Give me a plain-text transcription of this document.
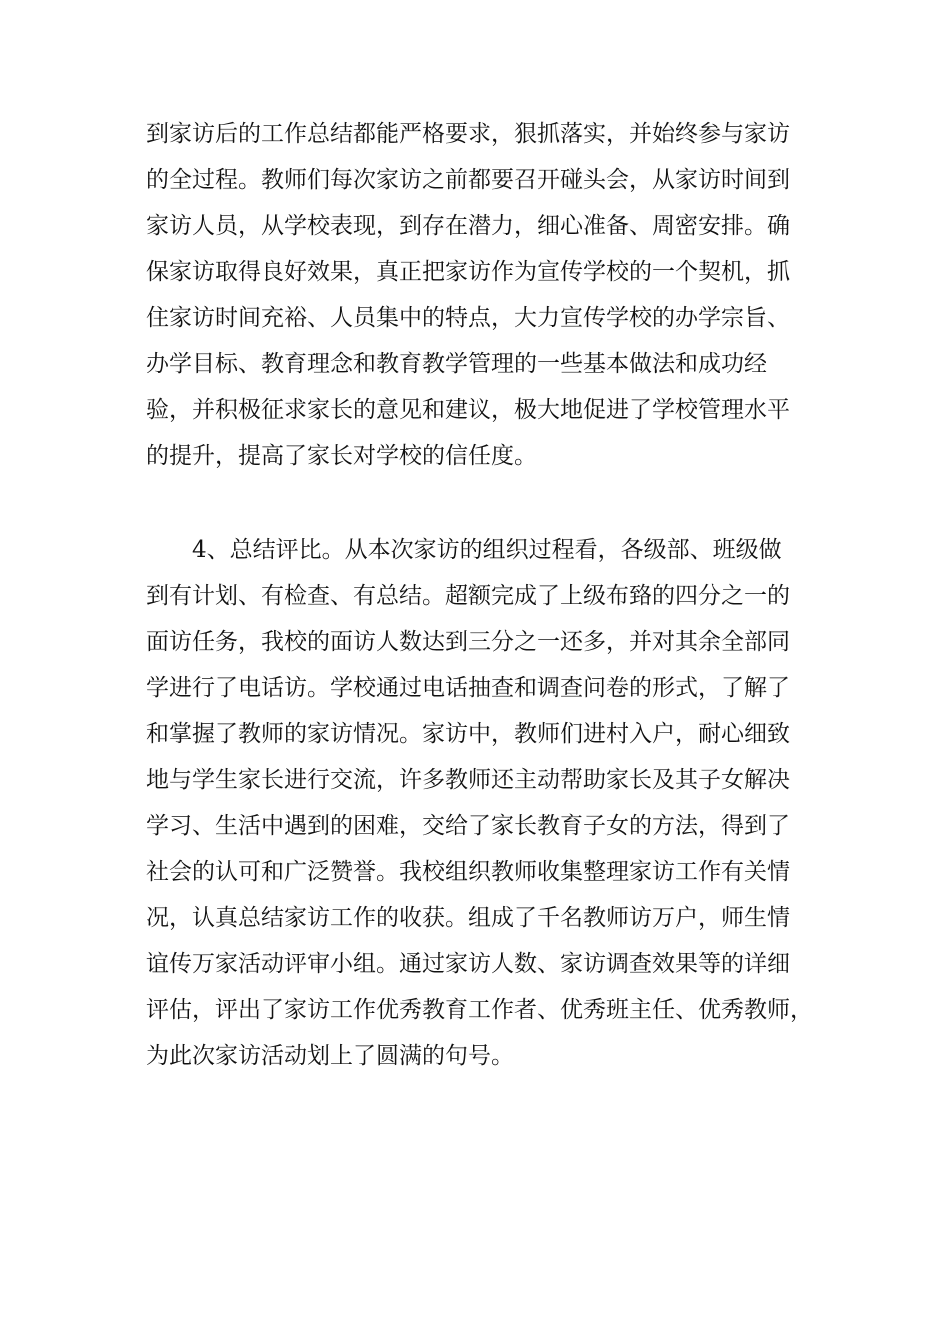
到家访后的工作总结都能严格要求，狠抓落实，并始终参与家访
的全过程。教师们每次家访之前都要召开碰头会，从家访时间到
家访人员，从学校表现，到存在潜力，细心准备、周密安排。确
保家访取得良好效果，真正把家访作为宣传学校的一个契机，抓
住家访时间充裕、人员集中的特点，大力宣传学校的办学宗旨、
办学目标、教育理念和教育教学管理的一些基本做法和成功经
验，并积极征求家长的意见和建议，极大地促进了学校管理水平
的提升，提高了家长对学校的信任度。
　　4、总结评比。从本次家访的组织过程看，各级部、班级做
到有计划、有检查、有总结。超额完成了上级布臵的四分之一的
面访任务，我校的面访人数达到三分之一还多，并对其余全部同
学进行了电话访。学校通过电话抽查和调查问卷的形式，了解了
和掌握了教师的家访情况。家访中，教师们进村入户，耐心细致
地与学生家长进行交流，许多教师还主动帮助家长及其子女解决
学习、生活中遇到的困难，交给了家长教育子女的方法，得到了
社会的认可和广泛赞誉。我校组织教师收集整理家访工作有关情
况，认真总结家访工作的收获。组成了千名教师访万户，师生情
谊传万家活动评审小组。通过家访人数、家访调查效果等的详细
评估，评出了家访工作优秀教育工作者、优秀班主任、优秀教师，
为此次家访活动划上了圆满的句号。
